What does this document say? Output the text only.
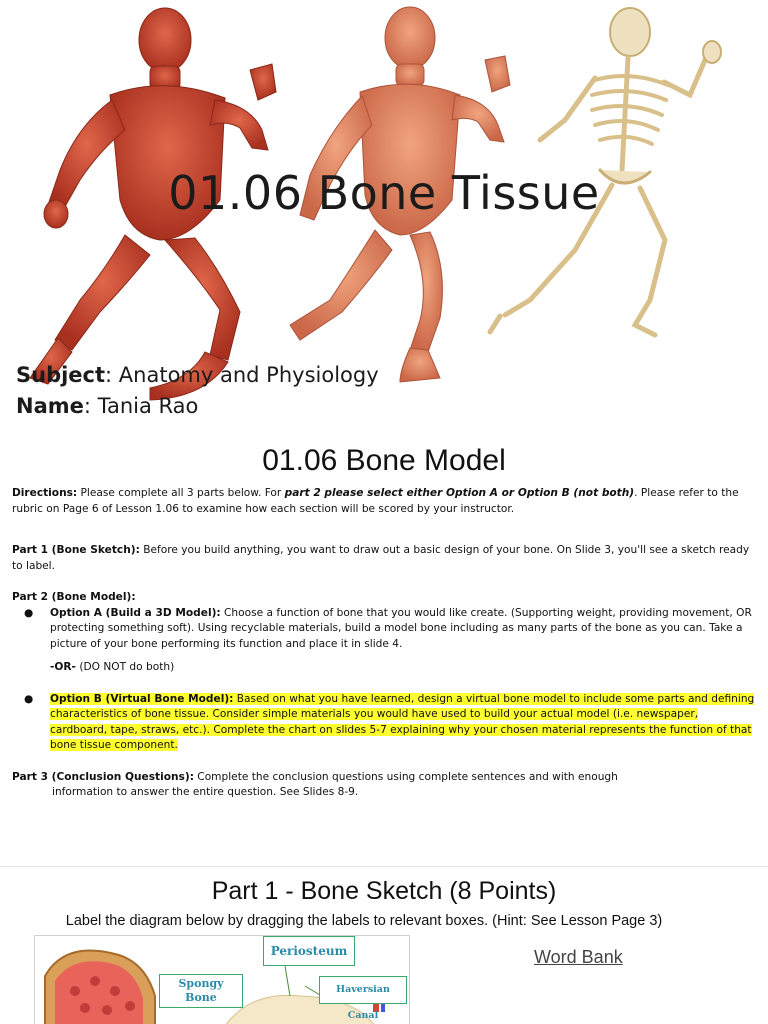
01.06 Bone Tissue
Subject: Anatomy and Physiology
Name: Tania Rao
01.06 Bone Model

Directions: Please complete all 3 parts below. For part 2 please select either Option A or Option B (not both). Please refer to the rubric on Page 6 of Lesson 1.06 to examine how each section will be scored by your instructor.

Part 1 (Bone Sketch): Before you build anything, you want to draw out a basic design of your bone. On Slide 3, you'll see a sketch ready to label.

Part 2 (Bone Model):

● Option A (Build a 3D Model): Choose a function of bone that you would like create. (Supporting weight, providing movement, OR protecting something soft). Using recyclable materials, build a model bone including as many parts of the bone as you can. Take a picture of your bone performing its function and place it in slide 4.
-OR- (DO NOT do both)
● Option B (Virtual Bone Model): Based on what you have learned, design a virtual bone model to include some parts and defining characteristics of bone tissue. Consider simple materials you would have used to build your actual model (i.e. newspaper, cardboard, tape, straws, etc.). Complete the chart on slides 5-7 explaining why your chosen material represents the function of that bone tissue component.

Part 3 (Conclusion Questions): Complete the conclusion questions using complete sentences and with enough

information to answer the entire question. See Slides 8-9.

Part 1 - Bone Sketch (8 Points)
Label the diagram below by dragging the labels to relevant boxes. (Hint: See Lesson Page 3)
Periosteum
Spongy
Bone
Haversian Canal
Word Bank
